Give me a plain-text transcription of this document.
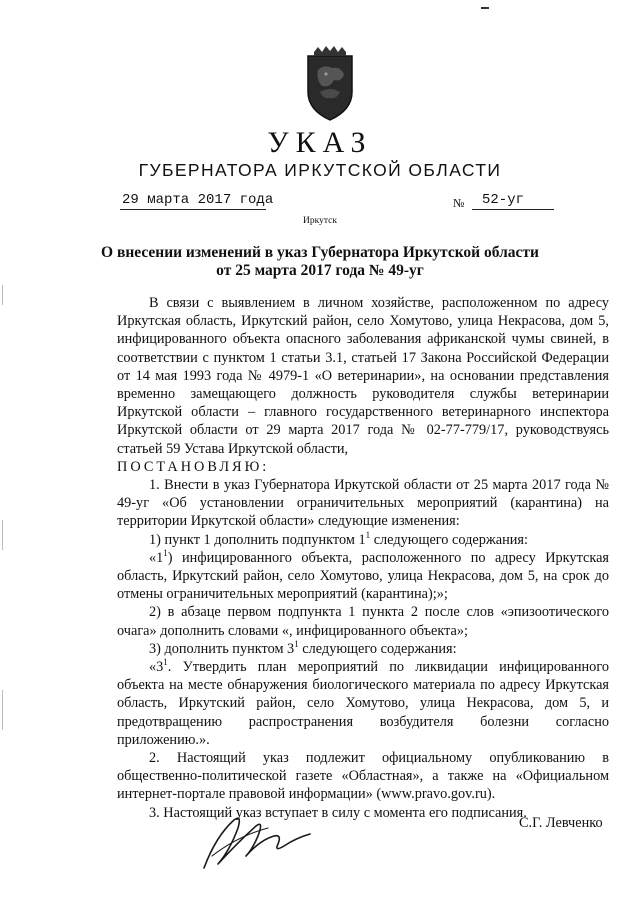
УКАЗ
ГУБЕРНАТОРА ИРКУТСКОЙ ОБЛАСТИ
29 марта 2017 года	№ 52-уг
Иркутск
О внесении изменений в указ Губернатора Иркутской области
от 25 марта 2017 года № 49-уг

В связи с выявлением в личном хозяйстве, расположенном по адресу Иркутская область, Иркутский район, село Хомутово, улица Некрасова, дом 5, инфицированного объекта опасного заболевания африканской чумы свиней, в соответствии с пунктом 1 статьи 3.1, статьей 17 Закона Российской Федерации от 14 мая 1993 года № 4979-1 «О ветеринарии», на основании представления временно замещающего должность руководителя службы ветеринарии Иркутской области – главного государственного ветеринарного инспектора Иркутской области от 29 марта 2017 года № 02-77-779/17, руководствуясь статьей 59 Устава Иркутской области,

ПОСТАНОВЛЯЮ:

1. Внести в указ Губернатора Иркутской области от 25 марта 2017 года № 49-уг «Об установлении ограничительных мероприятий (карантина) на территории Иркутской области» следующие изменения:

1) пункт 1 дополнить подпунктом $1^1$ следующего содержания:

«$1^1$) инфицированного объекта, расположенного по адресу Иркутская область, Иркутский район, село Хомутово, улица Некрасова, дом 5, на срок до отмены ограничительных мероприятий (карантина);»;

2) в абзаце первом подпункта 1 пункта 2 после слов «эпизоотического очага» дополнить словами «, инфицированного объекта»;

3) дополнить пунктом $3^1$ следующего содержания:

«$3^1$. Утвердить план мероприятий по ликвидации инфицированного объекта на месте обнаружения биологического материала по адресу Иркутская область, Иркутский район, село Хомутово, улица Некрасова, дом 5, и предотвращению распространения возбудителя болезни согласно приложению.».

2. Настоящий указ подлежит официальному опубликованию в общественно-политической газете «Областная», а также на «Официальном интернет-портале правовой информации» (www.pravo.gov.ru).

3. Настоящий указ вступает в силу с момента его подписания.

С.Г. Левченко
